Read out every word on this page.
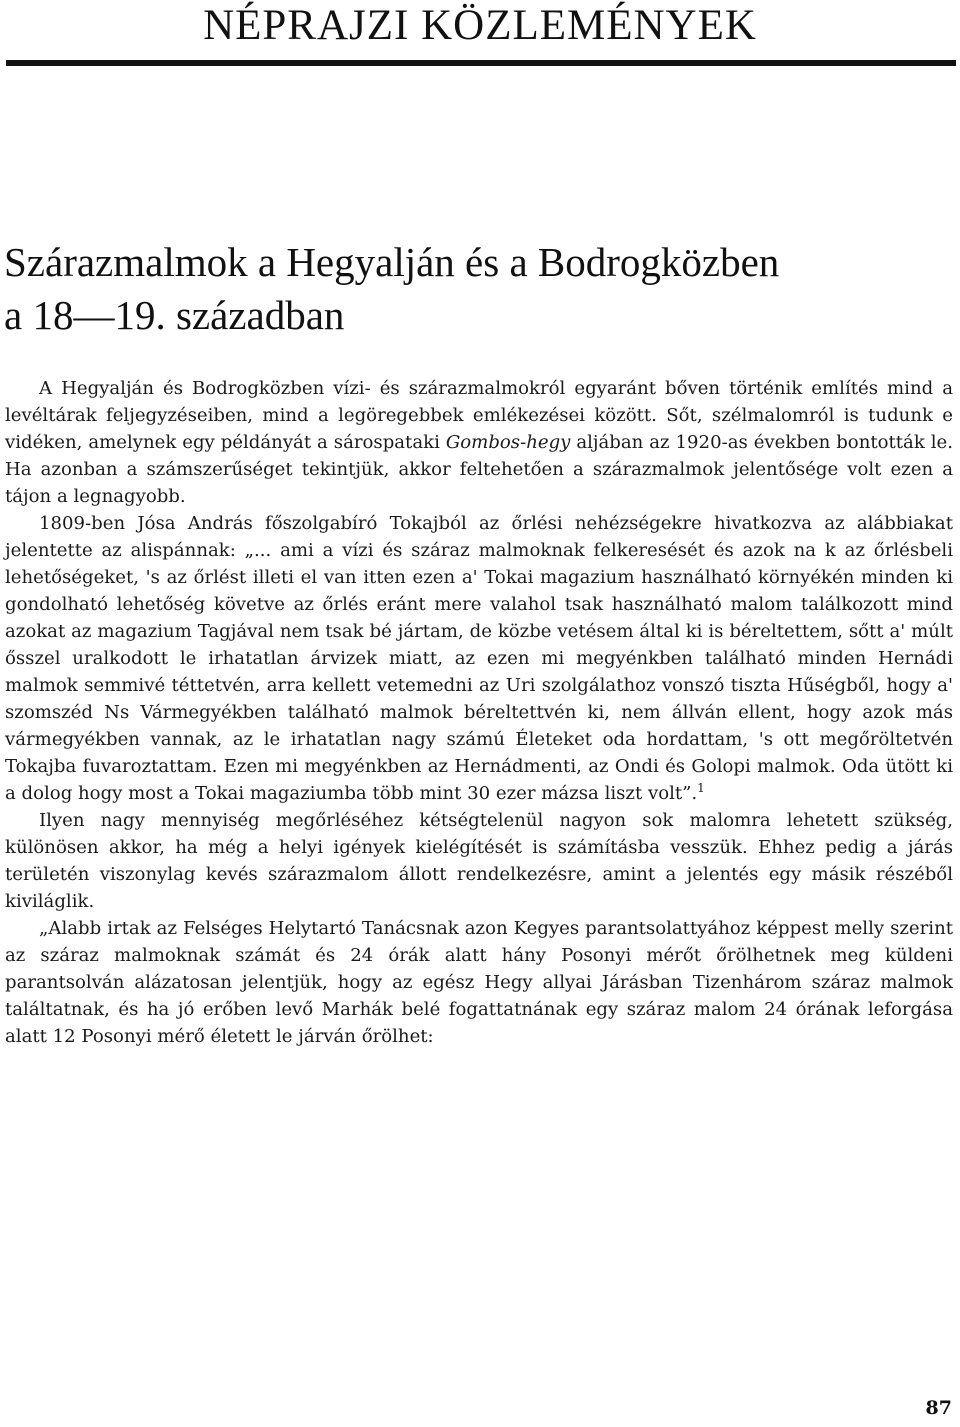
NÉPRAJZI KÖZLEMÉNYEK
Szárazmalmok a Hegyalján és a Bodrogközben
a 18—19. században

A Hegyalján és Bodrogközben vízi- és szárazmalmokról egyaránt bőven történik említés mind a levéltárak feljegyzéseiben, mind a legöregebbek emlékezései között. Sőt, szélmalomról is tudunk e vidéken, amelynek egy példányát a sárospataki Gombos-hegy aljában az 1920-as években bontották le. Ha azonban a számszerűséget tekintjük, akkor feltehetően a szárazmalmok jelentősége volt ezen a tájon a legnagyobb.

1809-ben Jósa András főszolgabíró Tokajból az őrlési nehézségekre hivatkozva az alábbiakat jelentette az alispánnak: „... ami a vízi és száraz malmoknak felkeresését és azok na k az őrlésbeli lehetőségeket, 's az őrlést illeti el van itten ezen a' Tokai magazium használható környékén minden ki gondolható lehetőség követve az őrlés eránt mere valahol tsak használható malom találkozott mind azokat az magazium Tagjával nem tsak bé jártam, de közbe vetésem által ki is béreltettem, sőtt a' múlt ősszel uralkodott le irhatatlan árvizek miatt, az ezen mi megyénkben található minden Hernádi malmok semmivé téttetvén, arra kellett vetemedni az Uri szolgálathoz vonszó tiszta Hűségből, hogy a' szomszéd Ns Vármegyékben található malmok béreltettvén ki, nem állván ellent, hogy azok más vármegyékben vannak, az le irhatatlan nagy számú Életeket oda hordattam, 's ott megőröltetvén Tokajba fuvaroztattam. Ezen mi megyénkben az Hernádmenti, az Ondi és Golopi malmok. Oda ütött ki a dolog hogy most a Tokai magaziumba több mint 30 ezer mázsa liszt volt”.$^1$

Ilyen nagy mennyiség megőrléséhez kétségtelenül nagyon sok malomra lehetett szükség, különösen akkor, ha még a helyi igények kielégítését is számításba vesszük. Ehhez pedig a járás területén viszonylag kevés szárazmalom állott rendelkezésre, amint a jelentés egy másik részéből kiviláglik.

„Alabb irtak az Felséges Helytartó Tanácsnak azon Kegyes parantsolattyához képpest melly szerint az száraz malmoknak számát és 24 órák alatt hány Posonyi mérőt őrölhetnek meg küldeni parantsolván alázatosan jelentjük, hogy az egész Hegy allyai Járásban Tizenhárom száraz malmok találtatnak, és ha jó erőben levő Marhák belé fogattatnának egy száraz malom 24 órának leforgása alatt 12 Posonyi mérő életett le járván őrölhet:

87
